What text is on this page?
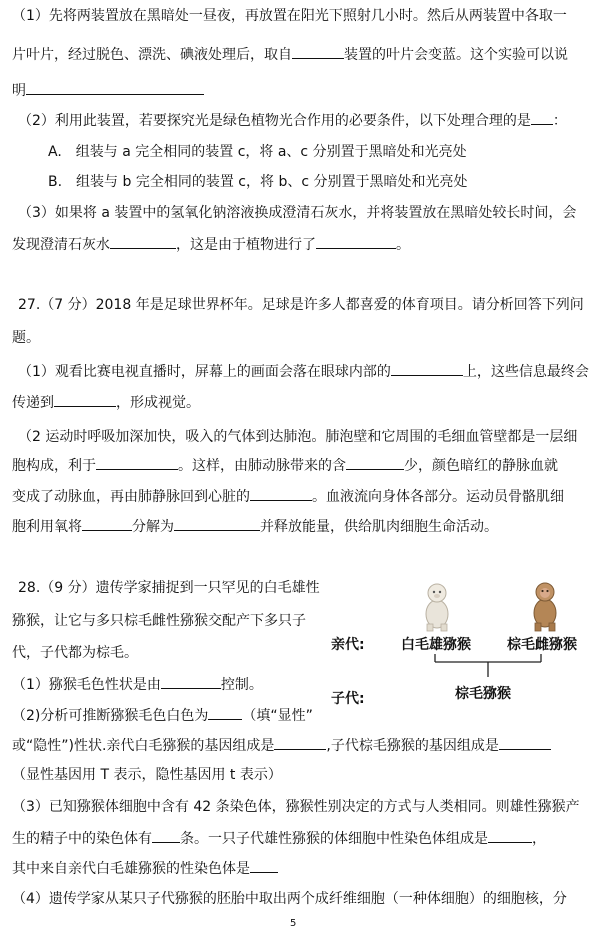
（1）先将两装置放在黑暗处一昼夜，再放置在阳光下照射几小时。然后从两装置中各取一
片叶片，经过脱色、漂洗、碘液处理后，取自	装置的叶片会变蓝。这个实验可以说
明
（2）利用此装置，若要探究光是绿色植物光合作用的必要条件，以下处理合理的是 ：
A.　组装与 a 完全相同的装置 c，将 a、c 分别置于黑暗处和光亮处
B.　组装与 b 完全相同的装置 c，将 b、c 分别置于黑暗处和光亮处
（3）如果将 a 装置中的氢氧化钠溶液换成澄清石灰水，并将装置放在黑暗处较长时间，会
发现澄清石灰水	，这是由于植物进行了	。
27.（7 分）2018 年是足球世界杯年。足球是许多人都喜爱的体育项目。请分析回答下列问
题。
（1）观看比赛电视直播时，屏幕上的画面会落在眼球内部的	上，这些信息最终会
传递到	，形成视觉。
（2 运动时呼吸加深加快，吸入的气体到达肺泡。肺泡壁和它周围的毛细血管壁都是一层细
胞构成，利于	。这样，由肺动脉带来的含	少，颜色暗红的静脉血就
变成了动脉血，再由肺静脉回到心脏的	。血液流向身体各部分。运动员骨骼肌细
胞利用氧将	分解为	并释放能量，供给肌肉细胞生命活动。
28.（9 分）遗传学家捕捉到一只罕见的白毛雄性
猕猴，让它与多只棕毛雌性猕猴交配产下多只子
代，子代都为棕毛。
（1）猕猴毛色性状是由	控制。
（2)分析可推断猕猴毛色白色为 （填“显性”
或“隐性”)性状.亲代白毛猕猴的基因组成是	,子代棕毛猕猴的基因组成是
（显性基因用 T 表示，隐性基因用 t 表示）
（3）已知猕猴体细胞中含有 42 条染色体，猕猴性别决定的方式与人类相同。则雄性猕猴产
生的精子中的染色体有 条。一只子代雄性猕猴的体细胞中性染色体组成是	，
其中来自亲代白毛雄猕猴的性染色体是
（4）遗传学家从某只子代猕猴的胚胎中取出两个成纤维细胞（一种体细胞）的细胞核，分
亲代:	白毛雄猕猴	棕毛雌猕猴
子代:	棕毛猕猴
5
